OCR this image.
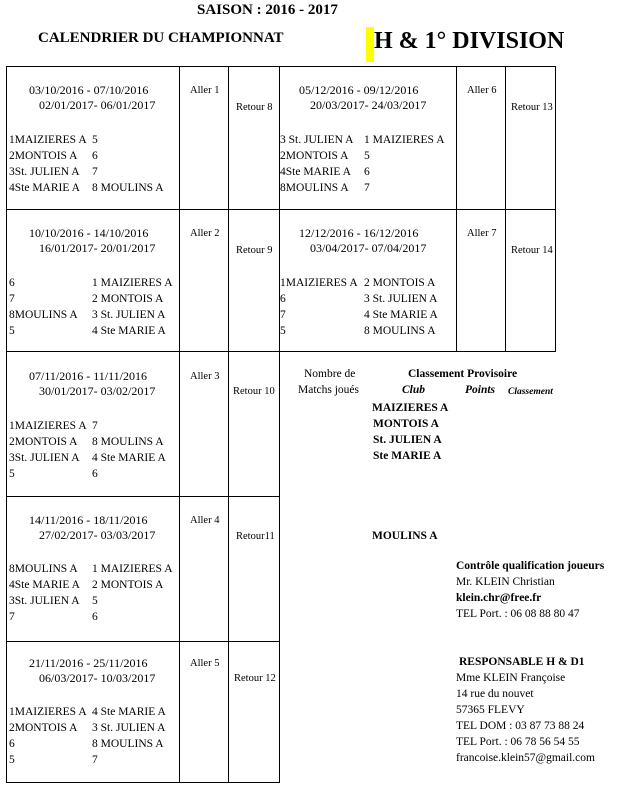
SAISON : 2016 - 2017
CALENDRIER DU CHAMPIONNAT	H & 1° DIVISION
03/10/2016 - 07/10/2016
02/01/2017- 06/01/2017
Aller 1
Retour 8
1MAIZIERES A 5
2MONTOIS A 6
3St. JULIEN A 7
4Ste MARIE A 8 MOULINS A
05/12/2016 - 09/12/2016
20/03/2017- 24/03/2017
Aller 6
Retour 13
3 St. JULIEN A 1 MAIZIERES A
2MONTOIS A 5
4Ste MARIE A 6
8MOULINS A 7
10/10/2016 - 14/10/2016
16/01/2017- 20/01/2017
Aller 2
Retour 9
6	1 MAIZIERES A
7	2 MONTOIS A
8MOULINS A 3 St. JULIEN A
5	4 Ste MARIE A
12/12/2016 - 16/12/2016
03/04/2017- 07/04/2017
Aller 7
Retour 14
1MAIZIERES A 2 MONTOIS A
6	3 St. JULIEN A
7	4 Ste MARIE A
5	8 MOULINS A
07/11/2016 - 11/11/2016
30/01/2017- 03/02/2017
Aller 3
Retour 10
1MAIZIERES A 7
2MONTOIS A 8 MOULINS A
3St. JULIEN A 4 Ste MARIE A
5	6
14/11/2016 - 18/11/2016
27/02/2017- 03/03/2017
Aller 4
Retour11
8MOULINS A 1 MAIZIERES A
4Ste MARIE A 2 MONTOIS A
3St. JULIEN A 5
7	6
21/11/2016 - 25/11/2016
06/03/2017- 10/03/2017
Aller 5
Retour 12
1MAIZIERES A 4 Ste MARIE A
2MONTOIS A 3 St. JULIEN A
6	8 MOULINS A
5	7
Nombre de
Matchs joués
Classement Provisoire
Club	Points Classement
MAIZIERES A
MONTOIS A
St. JULIEN A
Ste MARIE A
MOULINS A
Contrôle qualification joueurs
Mr. KLEIN Christian
klein.chr@free.fr
TEL Port. : 06 08 88 80 47
RESPONSABLE H & D1
Mme KLEIN Françoise
14 rue du nouvet
57365 FLEVY
TEL DOM : 03 87 73 88 24
TEL Port. : 06 78 56 54 55
francoise.klein57@gmail.com
